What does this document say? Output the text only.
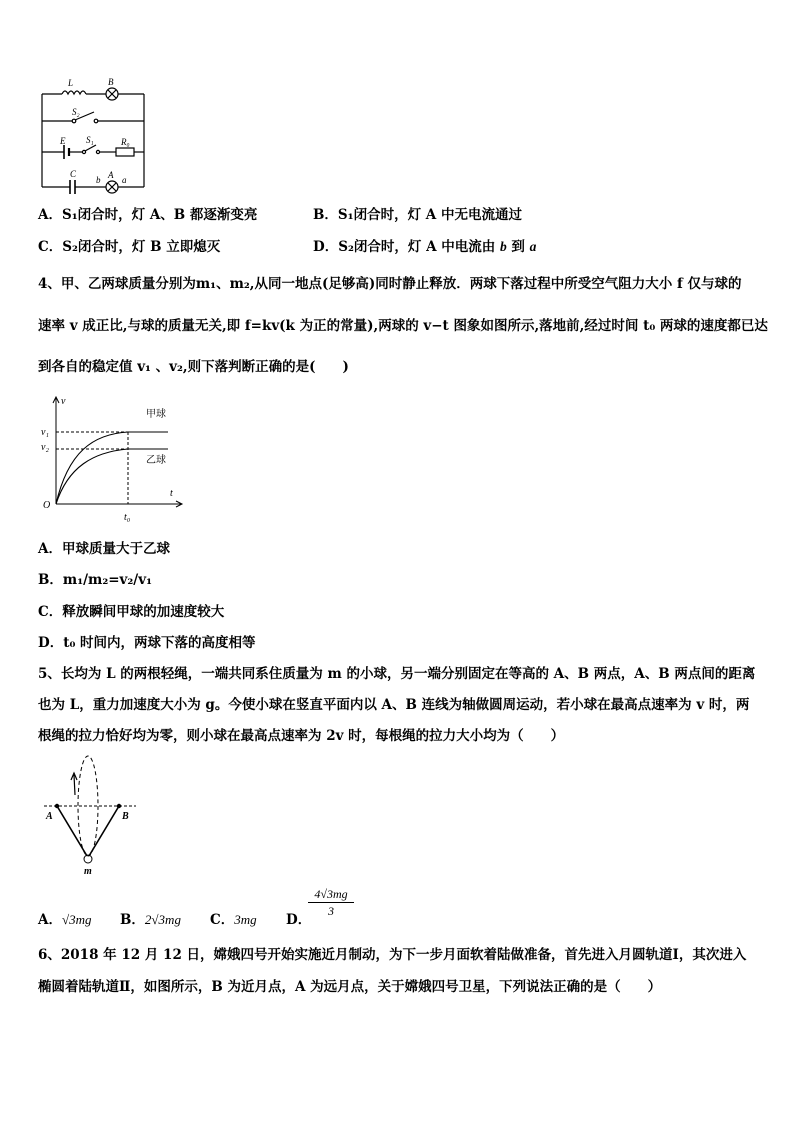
L	B
S₂
E S₁	R₀
C
b A a
A．S₁闭合时，灯 A、B 都逐渐变亮	B．S₁闭合时，灯 A 中无电流通过
C．S₂闭合时，灯 B 立即熄灭	D．S₂闭合时，灯 A 中电流由 b 到 a
4、甲、乙两球质量分别为m₁、m₂,从同一地点(足够高)同时静止释放．两球下落过程中所受空气阻力大小 f 仅与球的
速率 v 成正比,与球的质量无关,即 f=kv(k 为正的常量),两球的 v−t 图象如图所示,落地前,经过时间 t₀ 两球的速度都已达
到各自的稳定值 v₁ 、v₂,则下落判断正确的是(　　)
v
甲球
乙球
v₁
v₂
O
t
t₀
A．甲球质量大于乙球
B．m₁/m₂=v₂/v₁
C．释放瞬间甲球的加速度较大
D．t₀ 时间内，两球下落的高度相等
5、长均为 L 的两根轻绳，一端共同系住质量为 m 的小球，另一端分别固定在等高的 A、B 两点，A、B 两点间的距离
也为 L，重力加速度大小为 g。今使小球在竖直平面内以 A、B 连线为轴做圆周运动，若小球在最高点速率为 v 时，两
根绳的拉力恰好均为零，则小球在最高点速率为 2v 时，每根绳的拉力大小均为（　　）
A	B
m
A．√3mg B．2√3mg C．3mg D．
$\frac{4√3mg}{3}$
6、2018 年 12 月 12 日，嫦娥四号开始实施近月制动，为下一步月面软着陆做准备，首先进入月圆轨道Ⅰ，其次进入
椭圆着陆轨道Ⅱ，如图所示，B 为近月点，A 为远月点，关于嫦娥四号卫星，下列说法正确的是（　　）
